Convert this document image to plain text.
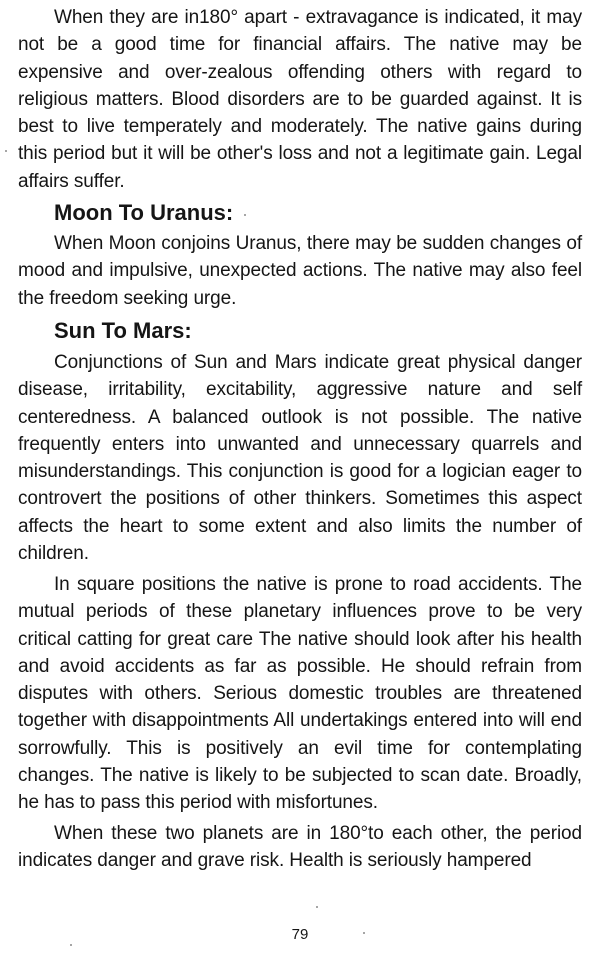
When they are in180° apart - extravagance is indicated, it may not be a good time for financial affairs. The native may be expensive and over-zealous offending others with regard to religious matters. Blood disorders are to be guarded against. It is best to live temperately and moderately. The native gains during this period but it will be other's loss and not a legitimate gain. Legal affairs suffer.

Moon To Uranus:

When Moon conjoins Uranus, there may be sudden changes of mood and impulsive, unexpected actions. The native may also feel the freedom seeking urge.

Sun To Mars:

Conjunctions of Sun and Mars indicate great physical danger disease, irritability, excitability, aggressive nature and self centeredness. A balanced outlook is not possible. The native frequently enters into unwanted and unnecessary quarrels and misunderstandings. This conjunction is good for a logician eager to controvert the positions of other thinkers. Sometimes this aspect affects the heart to some extent and also limits the number of children.

In square positions the native is prone to road accidents. The mutual periods of these planetary influences prove to be very critical catting for great care The native should look after his health and avoid accidents as far as possible. He should refrain from disputes with others. Serious domestic troubles are threatened together with disappointments All undertakings entered into will end sorrowfully. This is positively an evil time for contemplating changes. The native is likely to be subjected to scan date. Broadly, he has to pass this period with misfortunes.

When these two planets are in 180°to each other, the period indicates danger and grave risk. Health is seriously hampered

79
